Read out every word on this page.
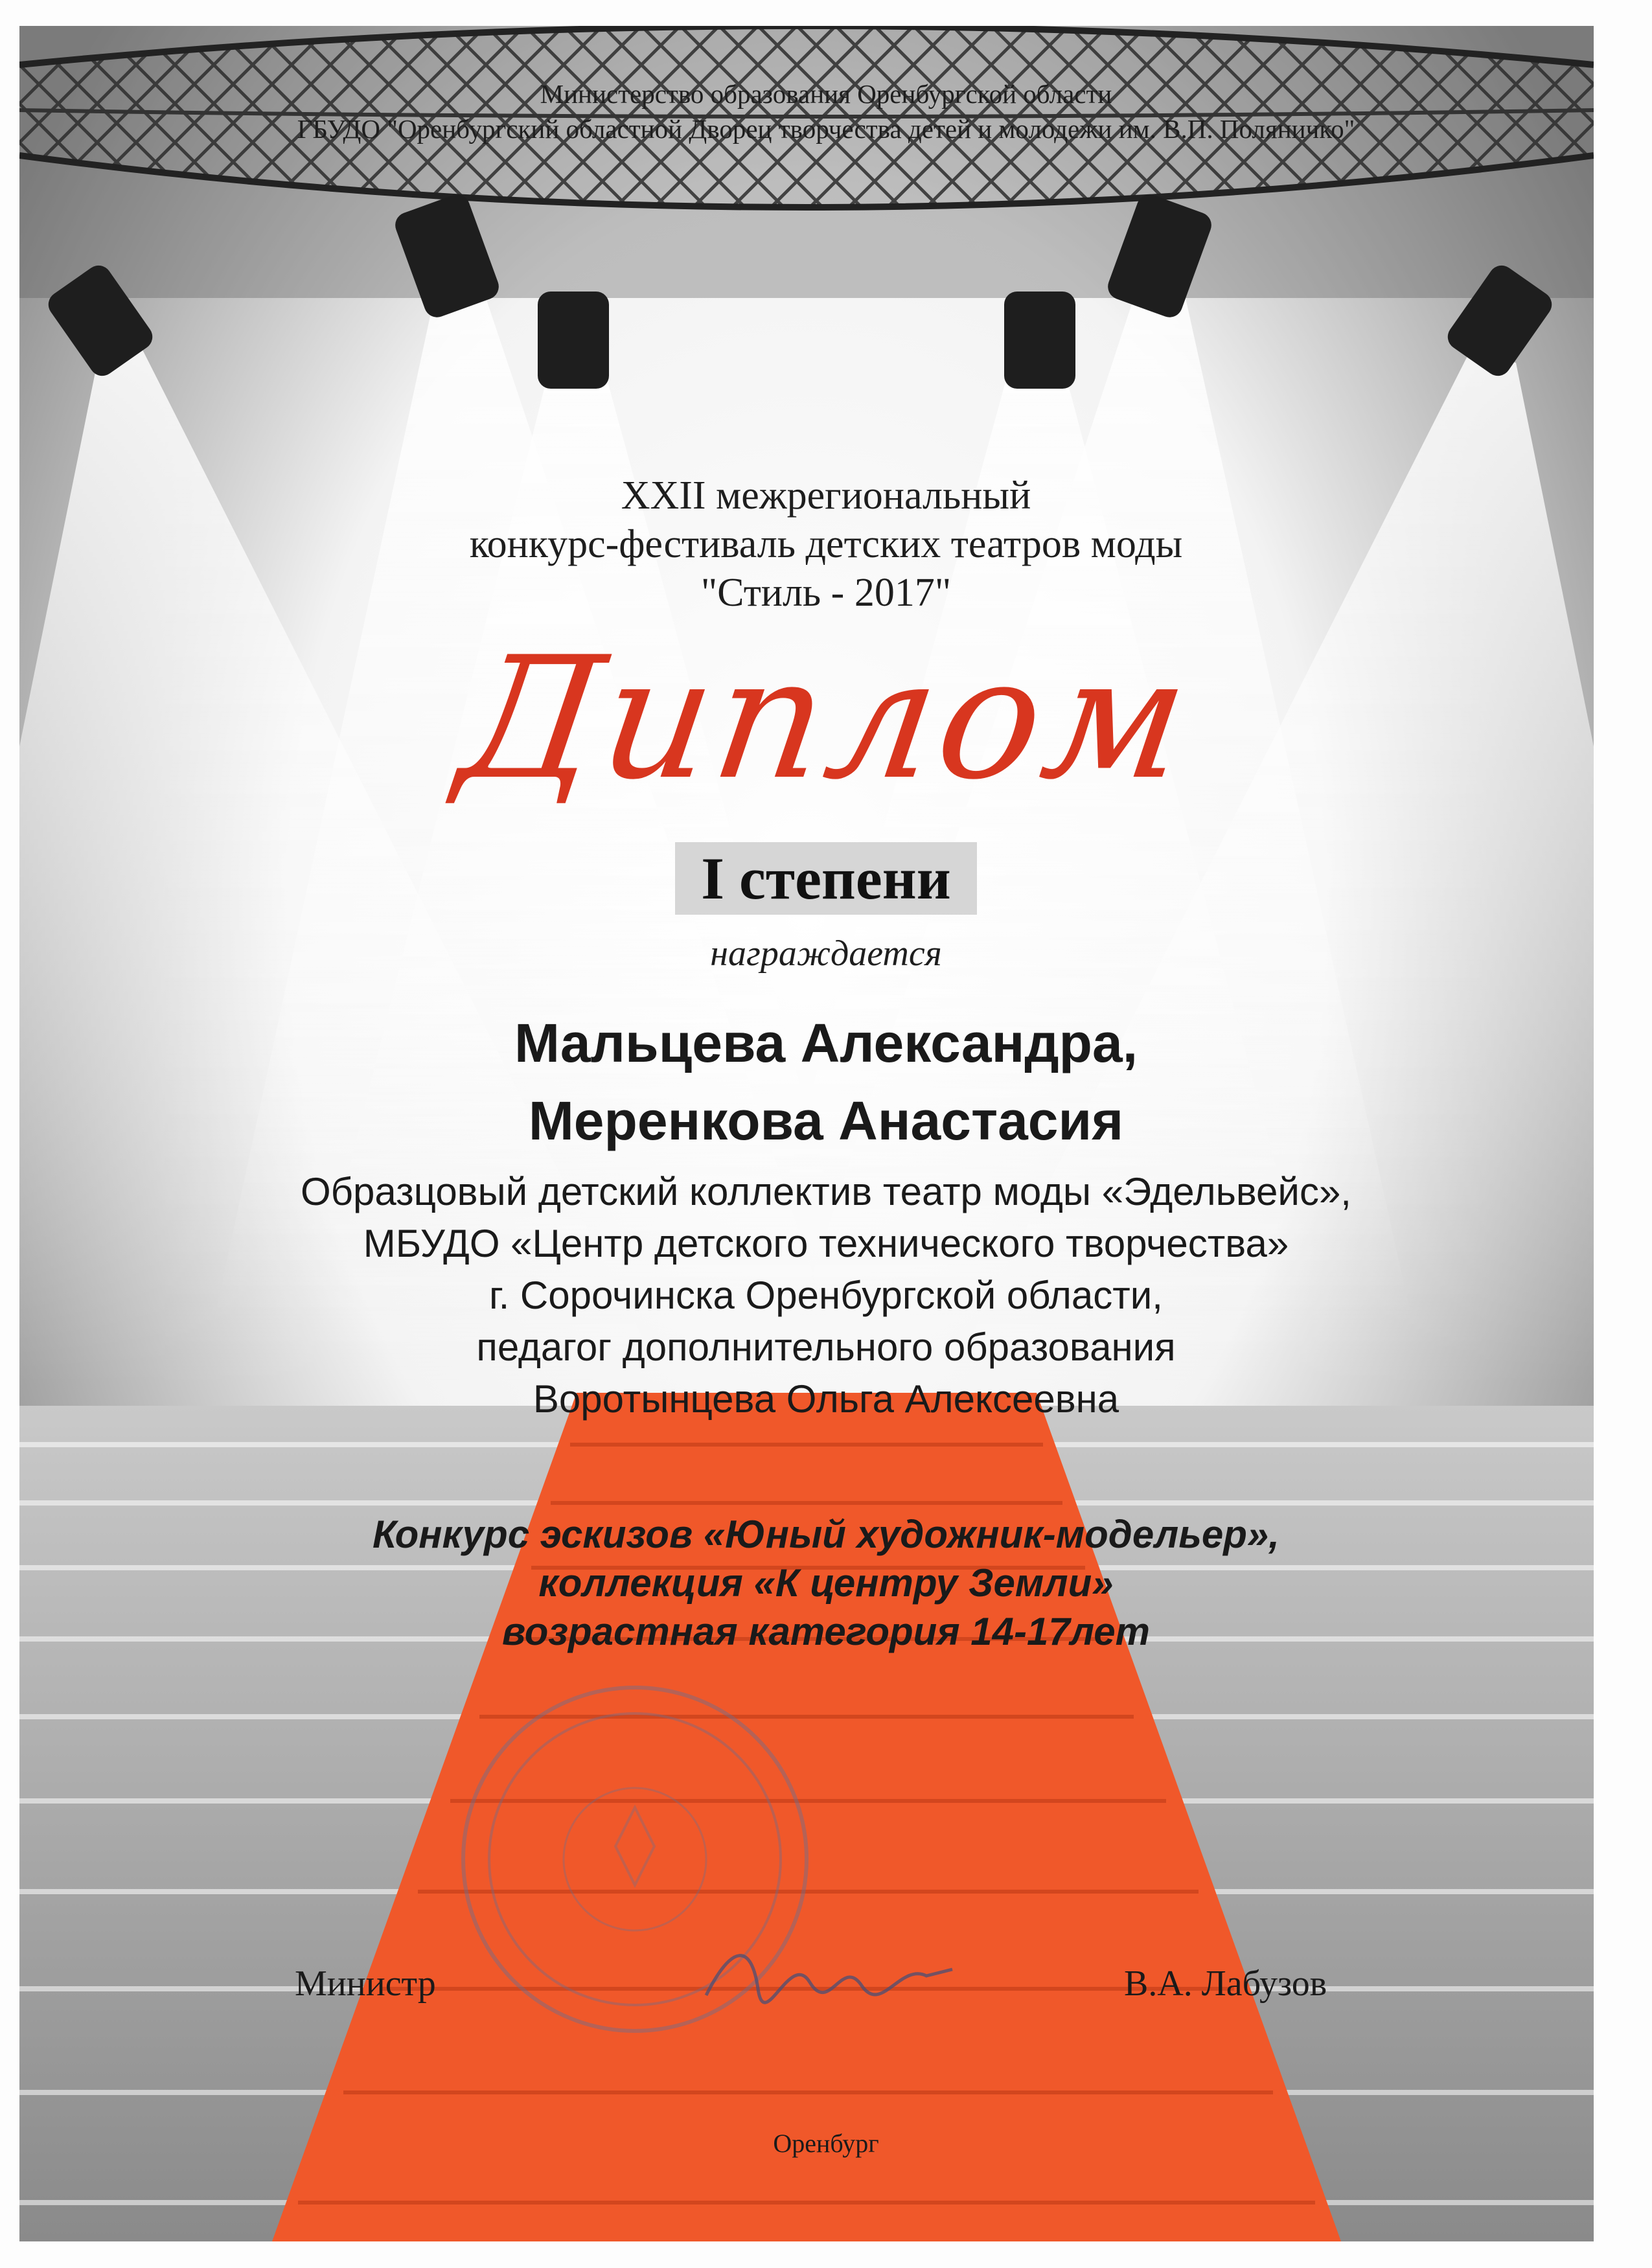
Министерство образования Оренбургской области
ГБУДО "Оренбургский областной Дворец творчества детей и молодежи им. В.П. Поляничко"
XXII межрегиональный
конкурс-фестиваль детских театров моды
"Стиль - 2017"
Диплом
I степени
награждается
Мальцева Александра,
Меренкова Анастасия
Образцовый детский коллектив театр моды «Эдельвейс»,
МБУДО «Центр детского технического творчества»
г. Сорочинска Оренбургской области,
педагог дополнительного образования
Воротынцева Ольга Алексеевна
Конкурс эскизов «Юный художник-модельер»,
коллекция «К центру Земли»
возрастная категория 14-17лет
Министр	В.А. Лабузов
Оренбург
